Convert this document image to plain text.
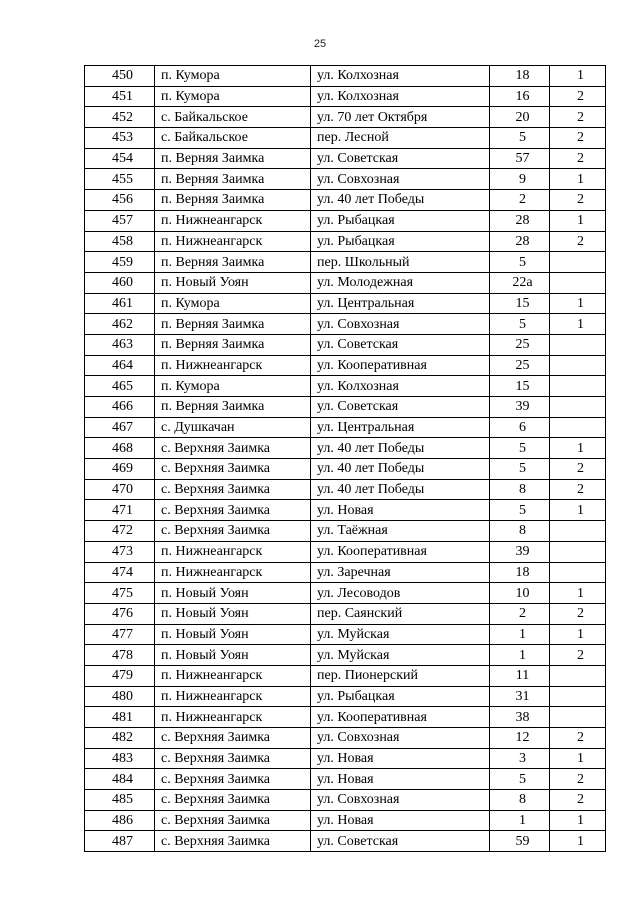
25
450	п. Кумора	ул. Колхозная	18	1
451	п. Кумора	ул. Колхозная	16	2
452	с. Байкальское	ул. 70 лет Октября	20	2
453	с. Байкальское	пер. Лесной	5	2
454	п. Верняя Заимка	ул. Советская	57	2
455	п. Верняя Заимка	ул. Совхозная	9	1
456	п. Верняя Заимка	ул. 40 лет Победы	2	2
457	п. Нижнеангарск	ул. Рыбацкая	28	1
458	п. Нижнеангарск	ул. Рыбацкая	28	2
459	п. Верняя Заимка	пер. Школьный	5	
460	п. Новый Уоян	ул. Молодежная	22а	
461	п. Кумора	ул. Центральная	15	1
462	п. Верняя Заимка	ул. Совхозная	5	1
463	п. Верняя Заимка	ул. Советская	25	
464	п. Нижнеангарск	ул. Кооперативная	25	
465	п. Кумора	ул. Колхозная	15	
466	п. Верняя Заимка	ул. Советская	39	
467	с. Душкачан	ул. Центральная	6	
468	с. Верхняя Заимка	ул. 40 лет Победы	5	1
469	с. Верхняя Заимка	ул. 40 лет Победы	5	2
470	с. Верхняя Заимка	ул. 40 лет Победы	8	2
471	с. Верхняя Заимка	ул. Новая	5	1
472	с. Верхняя Заимка	ул. Таёжная	8	
473	п. Нижнеангарск	ул. Кооперативная	39	
474	п. Нижнеангарск	ул. Заречная	18	
475	п. Новый Уоян	ул. Лесоводов	10	1
476	п. Новый Уоян	пер. Саянский	2	2
477	п. Новый Уоян	ул. Муйская	1	1
478	п. Новый Уоян	ул. Муйская	1	2
479	п. Нижнеангарск	пер. Пионерский	11	
480	п. Нижнеангарск	ул. Рыбацкая	31	
481	п. Нижнеангарск	ул. Кооперативная	38	
482	с. Верхняя Заимка	ул. Совхозная	12	2
483	с. Верхняя Заимка	ул. Новая	3	1
484	с. Верхняя Заимка	ул. Новая	5	2
485	с. Верхняя Заимка	ул. Совхозная	8	2
486	с. Верхняя Заимка	ул. Новая	1	1
487	с. Верхняя Заимка	ул. Советская	59	1
